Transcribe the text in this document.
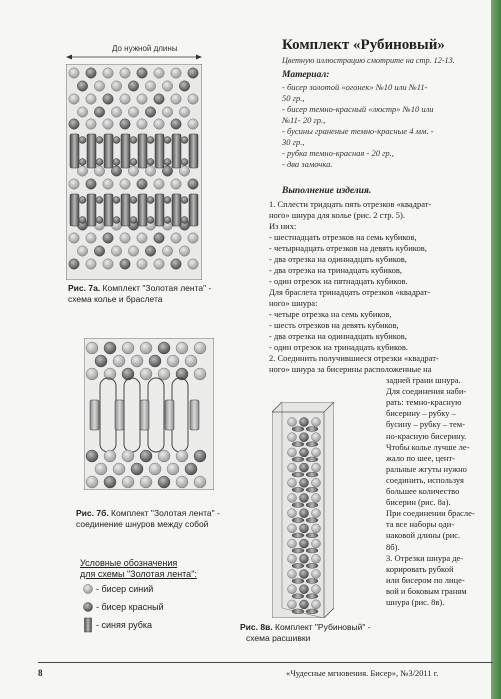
До нужной длины
Рис. 7а. Комплект "Золотая лента" -
схема колье и браслета
Рис. 7б. Комплект "Золотая лента" -
соединение шнуров между собой
Условные обозначения
для схемы "Золотая лента":
- бисер синий
- бисер красный
- синяя рубка	Рис. 8в. Комплект "Рубиновый" -
схема расшивки
Комплект «Рубиновый»
Цветную иллюстрацию смотрите на стр. 12-13.
Материал:
- бисер золотой «огонек» №10 или №11-
50 гр.,
- бисер темно-красный «люстр» №10 или
№11- 20 гр.,
- бусины граненые темно-красные 4 мм. -
30 гр.,
- рубка темно-красная - 20 гр.,
- два замочка.
Выполнение изделия.
1. Сплести тридцать пять отрезков «квадрат-
ного» шнура для колье (рис. 2 стр. 5).
Из них:
- шестнадцать отрезков на семь кубиков,
- четырнадцать отрезков на девять кубиков,
- два отрезка на одиннадцать кубиков,
- два отрезка на тринадцать кубиков,
- один отрезок на пятнадцать кубиков.
Для браслета тринадцать отрезков «квадрат-
ного» шнура:
- четыре отрезка на семь кубиков,
- шесть отрезков на девять кубиков,
- два отрезка на одиннадцать кубиков,
- один отрезок на тринадцать кубиков.
2. Соединить получившиеся отрезки «квадрат-
ного» шнура за бисерины расположенные на
задней грани шнура.
Для соединения наби-
рать: темно-красную
бисерину – рубку –
бусину – рубку – тем-
но-красную бисерину.
Чтобы колье лучше ле-
жало по шее, цент-
ральные жгуты нужно
соединить, используя
большее количество
бисерин (рис. 8а).
При соединении брасле-
та все наборы оди-
наковой длины (рис.
8б).
3. Отрезки шнура де-
корировать рубкой
или бисером по лице-
вой и боковым граням
шнура (рис. 8в).
8	«Чудесные мгновения. Бисер», №3/2011 г.
